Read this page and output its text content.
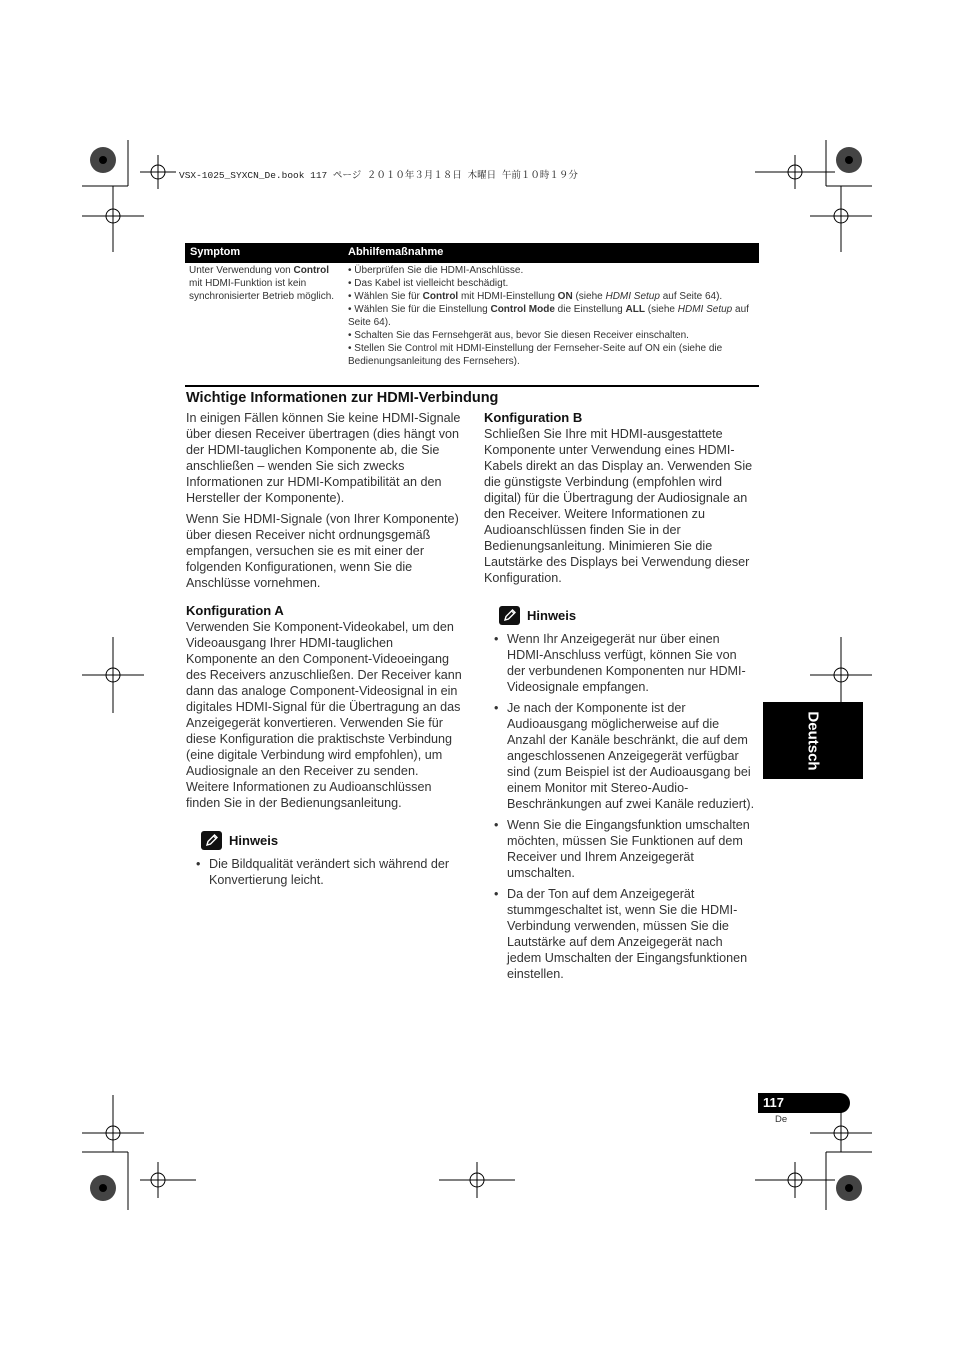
VSX-1025_SYXCN_De.book 117 ページ ２０１０年３月１８日 木曜日 午前１０時１９分
Symptom	Abhilfemaßnahme
Unter Verwendung von Control mit HDMI-Funktion ist kein synchronisierter Betrieb möglich.
• Überprüfen Sie die HDMI-Anschlüsse.
• Das Kabel ist vielleicht beschädigt.
• Wählen Sie für Control mit HDMI-Einstellung ON (siehe HDMI Setup auf Seite 64).
• Wählen Sie für die Einstellung Control Mode die Einstellung ALL (siehe HDMI Setup auf Seite 64).
• Schalten Sie das Fernsehgerät aus, bevor Sie diesen Receiver einschalten.
• Stellen Sie Control mit HDMI-Einstellung der Fernseher-Seite auf ON ein (siehe die Bedienungsanleitung des Fernsehers).
Wichtige Informationen zur HDMI-Verbindung

In einigen Fällen können Sie keine HDMI-Signale über diesen Receiver übertragen (dies hängt von der HDMI-tauglichen Komponente ab, die Sie anschließen – wenden Sie sich zwecks Informationen zur HDMI-Kompatibilität an den Hersteller der Komponente).

Wenn Sie HDMI-Signale (von Ihrer Komponente) über diesen Receiver nicht ordnungsgemäß empfangen, versuchen sie es mit einer der folgenden Konfigurationen, wenn Sie die Anschlüsse vornehmen.

Konfiguration A

Verwenden Sie Komponent-Videokabel, um den Videoausgang Ihrer HDMI-tauglichen Komponente an den Component-Videoeingang des Receivers anzuschließen. Der Receiver kann dann das analoge Component-Videosignal in ein digitales HDMI-Signal für die Übertragung an das Anzeigegerät konvertieren. Verwenden Sie für diese Konfiguration die praktischste Verbindung (eine digitale Verbindung wird empfohlen), um Audiosignale an den Receiver zu senden. Weitere Informationen zu Audioanschlüssen finden Sie in der Bedienungsanleitung.

Hinweis
• Die Bildqualität verändert sich während der Konvertierung leicht.
Konfiguration B

Schließen Sie Ihre mit HDMI-ausgestattete Komponente unter Verwendung eines HDMI-Kabels direkt an das Display an. Verwenden Sie die günstigste Verbindung (empfohlen wird digital) für die Übertragung der Audiosignale an den Receiver. Weitere Informationen zu Audioanschlüssen finden Sie in der Bedienungsanleitung. Minimieren Sie die Lautstärke des Displays bei Verwendung dieser Konfiguration.

Hinweis
• Wenn Ihr Anzeigegerät nur über einen HDMI-Anschluss verfügt, können Sie von der verbundenen Komponenten nur HDMI-Videosignale empfangen.
• Je nach der Komponente ist der Audioausgang möglicherweise auf die Anzahl der Kanäle beschränkt, die auf dem angeschlossenen Anzeigegerät verfügbar sind (zum Beispiel ist der Audioausgang bei einem Monitor mit Stereo-Audio-Beschränkungen auf zwei Kanäle reduziert).
• Wenn Sie die Eingangsfunktion umschalten möchten, müssen Sie Funktionen auf dem Receiver und Ihrem Anzeigegerät umschalten.
• Da der Ton auf dem Anzeigegerät stummgeschaltet ist, wenn Sie die HDMI-Verbindung verwenden, müssen Sie die Lautstärke auf dem Anzeigegerät nach jedem Umschalten der Eingangsfunktionen einstellen.
Deutsch
117
De
